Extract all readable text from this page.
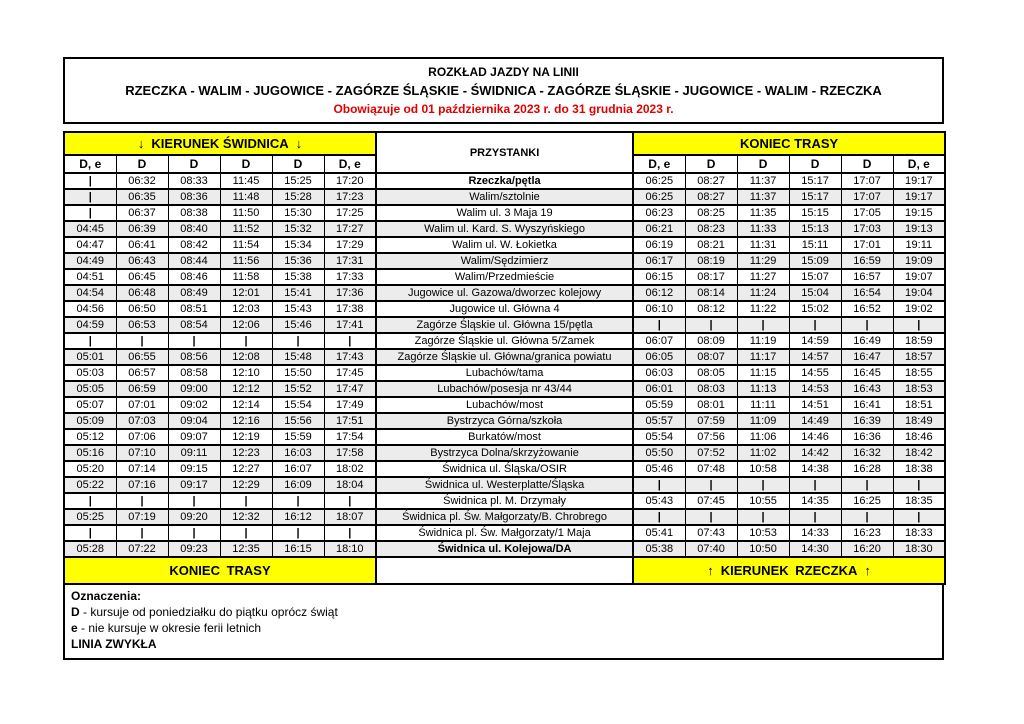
ROZKŁAD JAZDY NA LINII
RZECZKA - WALIM - JUGOWICE - ZAGÓRZE ŚLĄSKIE - ŚWIDNICA - ZAGÓRZE ŚLĄSKIE - JUGOWICE - WALIM - RZECZKA
Obowiązuje od 01 października 2023 r. do 31 grudnia 2023 r.
↓ KIERUNEK ŚWIDNICA ↓						PRZYSTANKI	KONIEC TRASY					
D, e	D	D	D	D	D, e		D, e	D	D	D	D	D, e
|	06:32	08:33	11:45	15:25	17:20	Rzeczka/pętla	06:25	08:27	11:37	15:17	17:07	19:17
|	06:35	08:36	11:48	15:28	17:23	Walim/sztolnie	06:25	08:27	11:37	15:17	17:07	19:17
|	06:37	08:38	11:50	15:30	17:25	Walim ul. 3 Maja 19	06:23	08:25	11:35	15:15	17:05	19:15
04:45	06:39	08:40	11:52	15:32	17:27	Walim ul. Kard. S. Wyszyńskiego	06:21	08:23	11:33	15:13	17:03	19:13
04:47	06:41	08:42	11:54	15:34	17:29	Walim ul. W. Łokietka	06:19	08:21	11:31	15:11	17:01	19:11
04:49	06:43	08:44	11:56	15:36	17:31	Walim/Sędzimierz	06:17	08:19	11:29	15:09	16:59	19:09
04:51	06:45	08:46	11:58	15:38	17:33	Walim/Przedmieście	06:15	08:17	11:27	15:07	16:57	19:07
04:54	06:48	08:49	12:01	15:41	17:36	Jugowice ul. Gazowa/dworzec kolejowy	06:12	08:14	11:24	15:04	16:54	19:04
04:56	06:50	08:51	12:03	15:43	17:38	Jugowice ul. Główna 4	06:10	08:12	11:22	15:02	16:52	19:02
04:59	06:53	08:54	12:06	15:46	17:41	Zagórze Śląskie ul. Główna 15/pętla	|	|	|	|	|	|
|	|	|	|	|	|	Zagórze Śląskie ul. Główna 5/Zamek	06:07	08:09	11:19	14:59	16:49	18:59
05:01	06:55	08:56	12:08	15:48	17:43	Zagórze Śląskie ul. Główna/granica powiatu	06:05	08:07	11:17	14:57	16:47	18:57
05:03	06:57	08:58	12:10	15:50	17:45	Lubachów/tama	06:03	08:05	11:15	14:55	16:45	18:55
05:05	06:59	09:00	12:12	15:52	17:47	Lubachów/posesja nr 43/44	06:01	08:03	11:13	14:53	16:43	18:53
05:07	07:01	09:02	12:14	15:54	17:49	Lubachów/most	05:59	08:01	11:11	14:51	16:41	18:51
05:09	07:03	09:04	12:16	15:56	17:51	Bystrzyca Górna/szkoła	05:57	07:59	11:09	14:49	16:39	18:49
05:12	07:06	09:07	12:19	15:59	17:54	Burkatów/most	05:54	07:56	11:06	14:46	16:36	18:46
05:16	07:10	09:11	12:23	16:03	17:58	Bystrzyca Dolna/skrzyżowanie	05:50	07:52	11:02	14:42	16:32	18:42
05:20	07:14	09:15	12:27	16:07	18:02	Świdnica ul. Śląska/OSIR	05:46	07:48	10:58	14:38	16:28	18:38
05:22	07:16	09:17	12:29	16:09	18:04	Świdnica ul. Westerplatte/Śląska	|	|	|	|	|	|
|	|	|	|	|	|	Świdnica pl. M. Drzymały	05:43	07:45	10:55	14:35	16:25	18:35
05:25	07:19	09:20	12:32	16:12	18:07	Świdnica pl. Św. Małgorzaty/B. Chrobrego	|	|	|	|	|	|
|	|	|	|	|	|	Świdnica pl. Św. Małgorzaty/1 Maja	05:41	07:43	10:53	14:33	16:23	18:33
05:28	07:22	09:23	12:35	16:15	18:10	Świdnica ul. Kolejowa/DA	05:38	07:40	10:50	14:30	16:20	18:30
KONIEC TRASY							↑ KIERUNEK RZECZKA ↑					
Oznaczenia:
D - kursuje od poniedziałku do piątku oprócz świąt
e - nie kursuje w okresie ferii letnich
LINIA ZWYKŁA
